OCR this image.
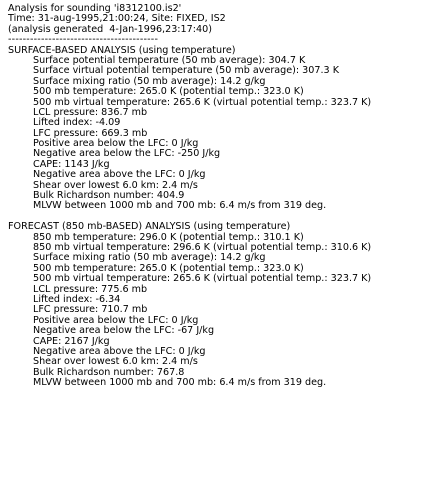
Analysis for sounding 'i8312100.is2'
Time: 31-aug-1995,21:00:24, Site: FIXED, IS2
(analysis generated  4-Jan-1996,23:17:40)
-----------------------------------------
SURFACE-BASED ANALYSIS (using temperature)
Surface potential temperature (50 mb average): 304.7 K
Surface virtual potential temperature (50 mb average): 307.3 K
Surface mixing ratio (50 mb average): 14.2 g/kg
500 mb temperature: 265.0 K (potential temp.: 323.0 K)
500 mb virtual temperature: 265.6 K (virtual potential temp.: 323.7 K)
LCL pressure: 836.7 mb
Lifted index: -4.09
LFC pressure: 669.3 mb
Positive area below the LFC: 0 J/kg
Negative area below the LFC: -250 J/kg
CAPE: 1143 J/kg
Negative area above the LFC: 0 J/kg
Shear over lowest 6.0 km: 2.4 m/s
Bulk Richardson number: 404.9
MLVW between 1000 mb and 700 mb: 6.4 m/s from 319 deg.
FORECAST (850 mb-BASED) ANALYSIS (using temperature)
850 mb temperature: 296.0 K (potential temp.: 310.1 K)
850 mb virtual temperature: 296.6 K (virtual potential temp.: 310.6 K)
Surface mixing ratio (50 mb average): 14.2 g/kg
500 mb temperature: 265.0 K (potential temp.: 323.0 K)
500 mb virtual temperature: 265.6 K (virtual potential temp.: 323.7 K)
LCL pressure: 775.6 mb
Lifted index: -6.34
LFC pressure: 710.7 mb
Positive area below the LFC: 0 J/kg
Negative area below the LFC: -67 J/kg
CAPE: 2167 J/kg
Negative area above the LFC: 0 J/kg
Shear over lowest 6.0 km: 2.4 m/s
Bulk Richardson number: 767.8
MLVW between 1000 mb and 700 mb: 6.4 m/s from 319 deg.
